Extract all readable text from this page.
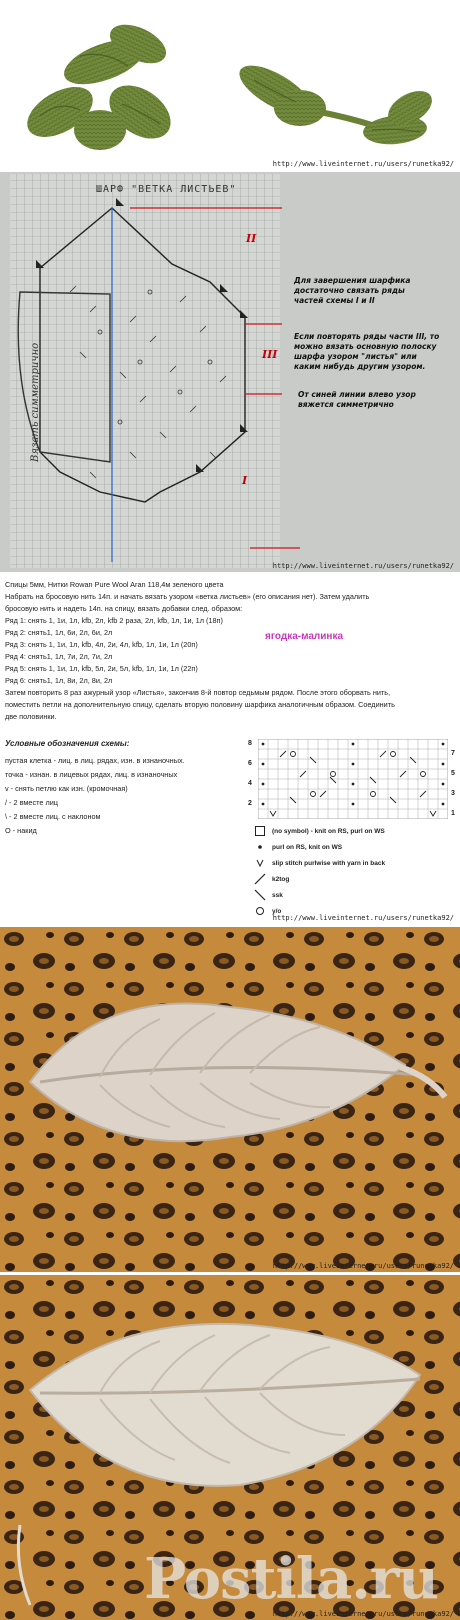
http://www.liveinternet.ru/users/runetka92/
ШАРФ "ВЕТКА ЛИСТЬЕВ"
Вязать симметрично
II
III
I
Для завершения шарфика достаточно связать ряды частей схемы I и II
Если повторять ряды части III, то можно вязать основную полоску шарфа узором "листья" или каким нибудь другим узором.
От синей линии влево узор вяжется симметрично
http://www.liveinternet.ru/users/runetka92/
Спицы 5мм, Нитки Rowan Pure Wool Aran 118,4м зеленого цвета
Набрать на бросовую нить 14п. и начать вязать узором «ветка листьев» (его описания нет). Затем удалить
бросовую нить и надеть 14п. на спицу, вязать добавки след. образом:
Ряд 1: снять 1, 1и, 1л, kfb, 2л, kfb 2 раза, 2л, kfb, 1л, 1и, 1л (18п)
Ряд 2: снять1, 1л, 6и, 2л, 6и, 2л
Ряд 3: снять 1, 1и, 1л, kfb, 4л, 2и, 4л, kfb, 1л, 1и, 1л (20п)
Ряд 4: снять1, 1л, 7и, 2л, 7и, 2л
Ряд 5: снять 1, 1и, 1л, kfb, 5л, 2и, 5л, kfb, 1л, 1и, 1л (22п)
Ряд 6: снять1, 1л, 8и, 2л, 8и, 2л
ягодка-малинка
Затем повторить 8 раз ажурный узор «Листья», закончив 8-й повтор седьмым рядом. После этого оборвать нить,
поместить петли на дополнительную спицу, сделать вторую половину шарфика аналогичным образом. Соединить
две половинки.
Условные обозначения схемы:
пустая клетка - лиц. в лиц. рядах, изн. в изнаночных.
точка - изнан. в лицевых рядах, лиц. в изнаночных
v - снять петлю как изн. (кромочная)
/ - 2 вместе лиц
\ - 2 вместе лиц. с наклоном
О - накид
8
6
4
2
7
5
3
1
(no symbol) - knit on RS, purl on WS
purl on RS, knit on WS
slip stitch purlwise with yarn in back
k2tog
ssk
y/o
http://www.liveinternet.ru/users/runetka92/
http://www.liveinternet.ru/users/runetka92/
Postila.ru
http://www.liveinternet.ru/users/runetka92/
